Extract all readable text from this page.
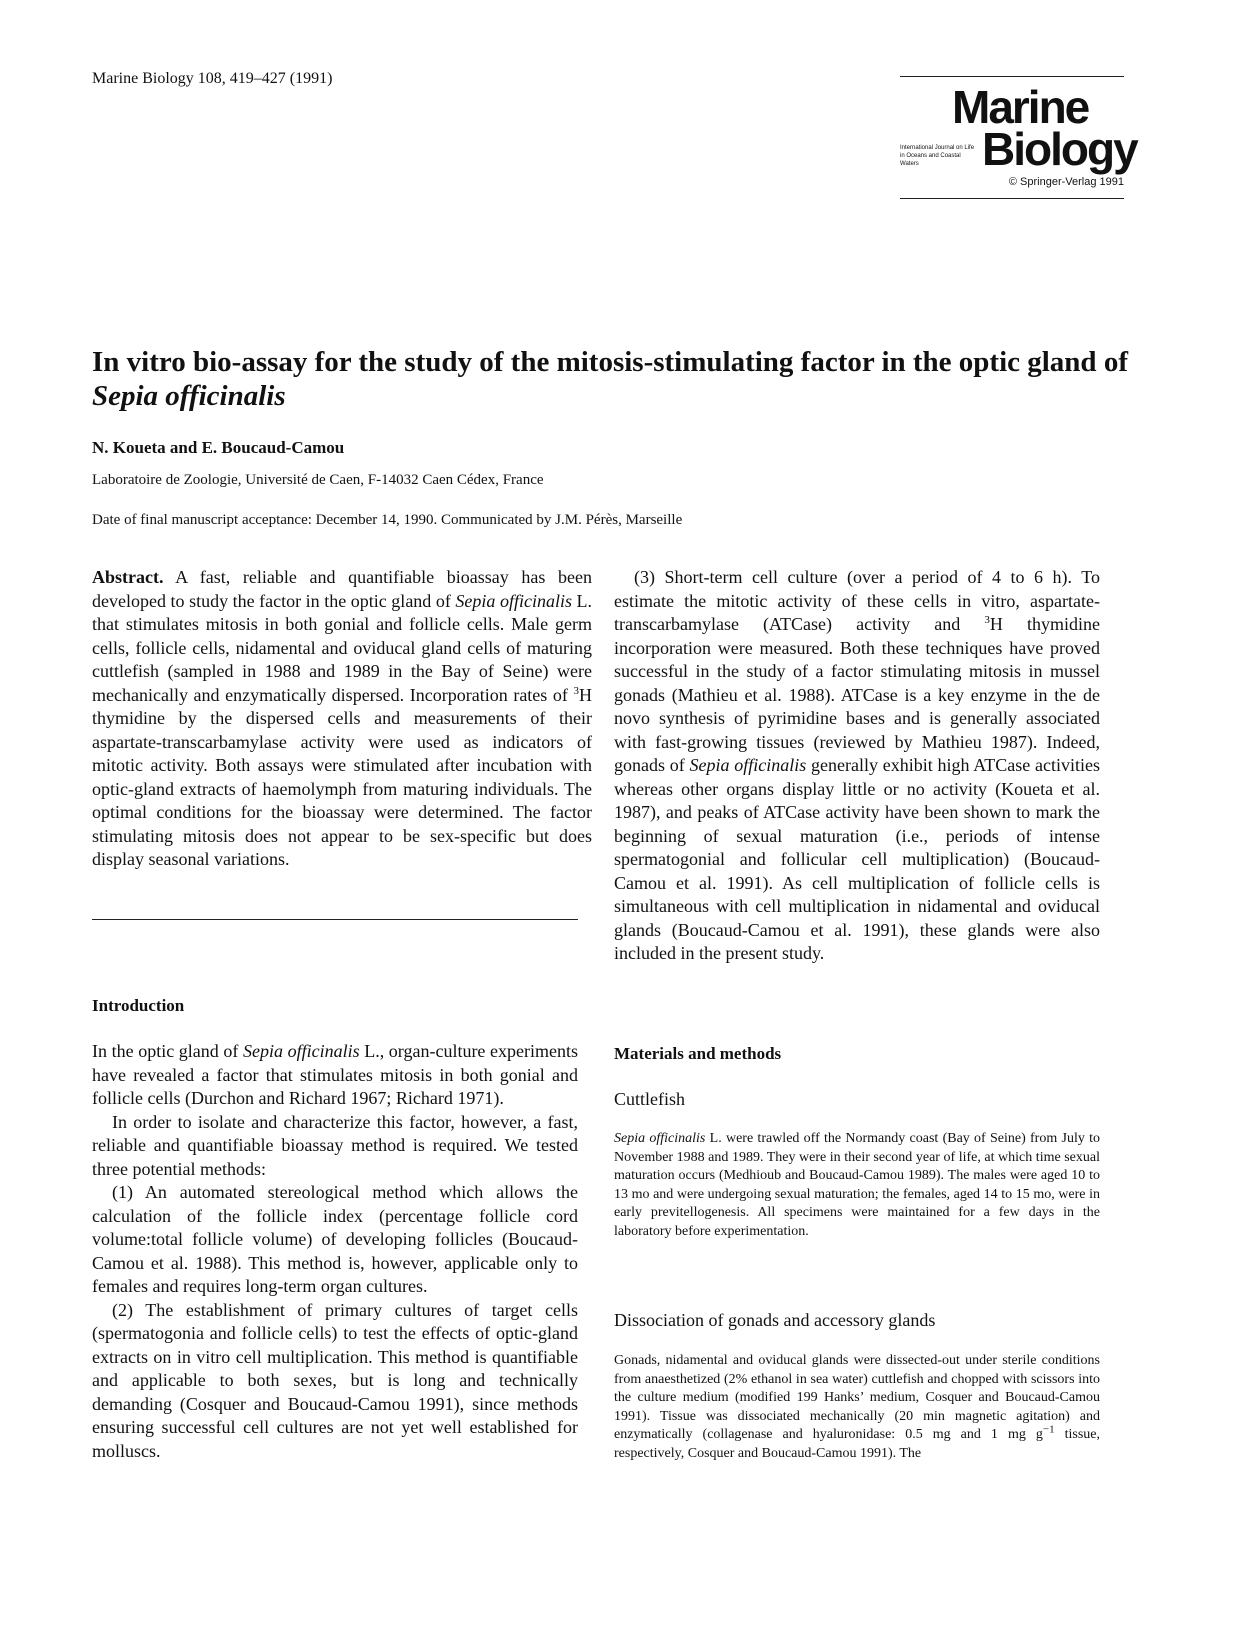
Marine Biology 108, 419–427 (1991)
Marine
International Journal on Life in Oceans and Coastal Waters	Biology
© Springer-Verlag 1991
In vitro bio-assay for the study of the mitosis-stimulating factor in the optic gland of Sepia officinalis
N. Koueta and E. Boucaud-Camou
Laboratoire de Zoologie, Université de Caen, F-14032 Caen Cédex, France
Date of final manuscript acceptance: December 14, 1990. Communicated by J.M. Pérès, Marseille

Abstract. A fast, reliable and quantifiable bioassay has been developed to study the factor in the optic gland of Sepia officinalis L. that stimulates mitosis in both gonial and follicle cells. Male germ cells, follicle cells, nidamental and oviducal gland cells of maturing cuttlefish (sampled in 1988 and 1989 in the Bay of Seine) were mechanically and enzymatically dispersed. Incorporation rates of $^3$H thymidine by the dispersed cells and measurements of their aspartate-transcarbamylase activity were used as indicators of mitotic activity. Both assays were stimulated after incubation with optic-gland extracts of haemolymph from maturing individuals. The optimal conditions for the bioassay were determined. The factor stimulating mitosis does not appear to be sex-specific but does display seasonal variations.

Introduction

In the optic gland of Sepia officinalis L., organ-culture experiments have revealed a factor that stimulates mitosis in both gonial and follicle cells (Durchon and Richard 1967; Richard 1971).

In order to isolate and characterize this factor, however, a fast, reliable and quantifiable bioassay method is required. We tested three potential methods:

(1) An automated stereological method which allows the calculation of the follicle index (percentage follicle cord volume:total follicle volume) of developing follicles (Boucaud-Camou et al. 1988). This method is, however, applicable only to females and requires long-term organ cultures.

(2) The establishment of primary cultures of target cells (spermatogonia and follicle cells) to test the effects of optic-gland extracts on in vitro cell multiplication. This method is quantifiable and applicable to both sexes, but is long and technically demanding (Cosquer and Boucaud-Camou 1991), since methods ensuring successful cell cultures are not yet well established for molluscs.

(3) Short-term cell culture (over a period of 4 to 6 h). To estimate the mitotic activity of these cells in vitro, aspartate-transcarbamylase (ATCase) activity and $^3$H thymidine incorporation were measured. Both these techniques have proved successful in the study of a factor stimulating mitosis in mussel gonads (Mathieu et al. 1988). ATCase is a key enzyme in the de novo synthesis of pyrimidine bases and is generally associated with fast-growing tissues (reviewed by Mathieu 1987). Indeed, gonads of Sepia officinalis generally exhibit high ATCase activities whereas other organs display little or no activity (Koueta et al. 1987), and peaks of ATCase activity have been shown to mark the beginning of sexual maturation (i.e., periods of intense spermatogonial and follicular cell multiplication) (Boucaud-Camou et al. 1991). As cell multiplication of follicle cells is simultaneous with cell multiplication in nidamental and oviducal glands (Boucaud-Camou et al. 1991), these glands were also included in the present study.

Materials and methods
Cuttlefish

Sepia officinalis L. were trawled off the Normandy coast (Bay of Seine) from July to November 1988 and 1989. They were in their second year of life, at which time sexual maturation occurs (Medhioub and Boucaud-Camou 1989). The males were aged 10 to 13 mo and were undergoing sexual maturation; the females, aged 14 to 15 mo, were in early previtellogenesis. All specimens were maintained for a few days in the laboratory before experimentation.

Dissociation of gonads and accessory glands

Gonads, nidamental and oviducal glands were dissected-out under sterile conditions from anaesthetized (2% ethanol in sea water) cuttlefish and chopped with scissors into the culture medium (modified 199 Hanks’ medium, Cosquer and Boucaud-Camou 1991). Tissue was dissociated mechanically (20 min magnetic agitation) and enzymatically (collagenase and hyaluronidase: 0.5 mg and 1 mg $g^{-1}$ tissue, respectively, Cosquer and Boucaud-Camou 1991). The
